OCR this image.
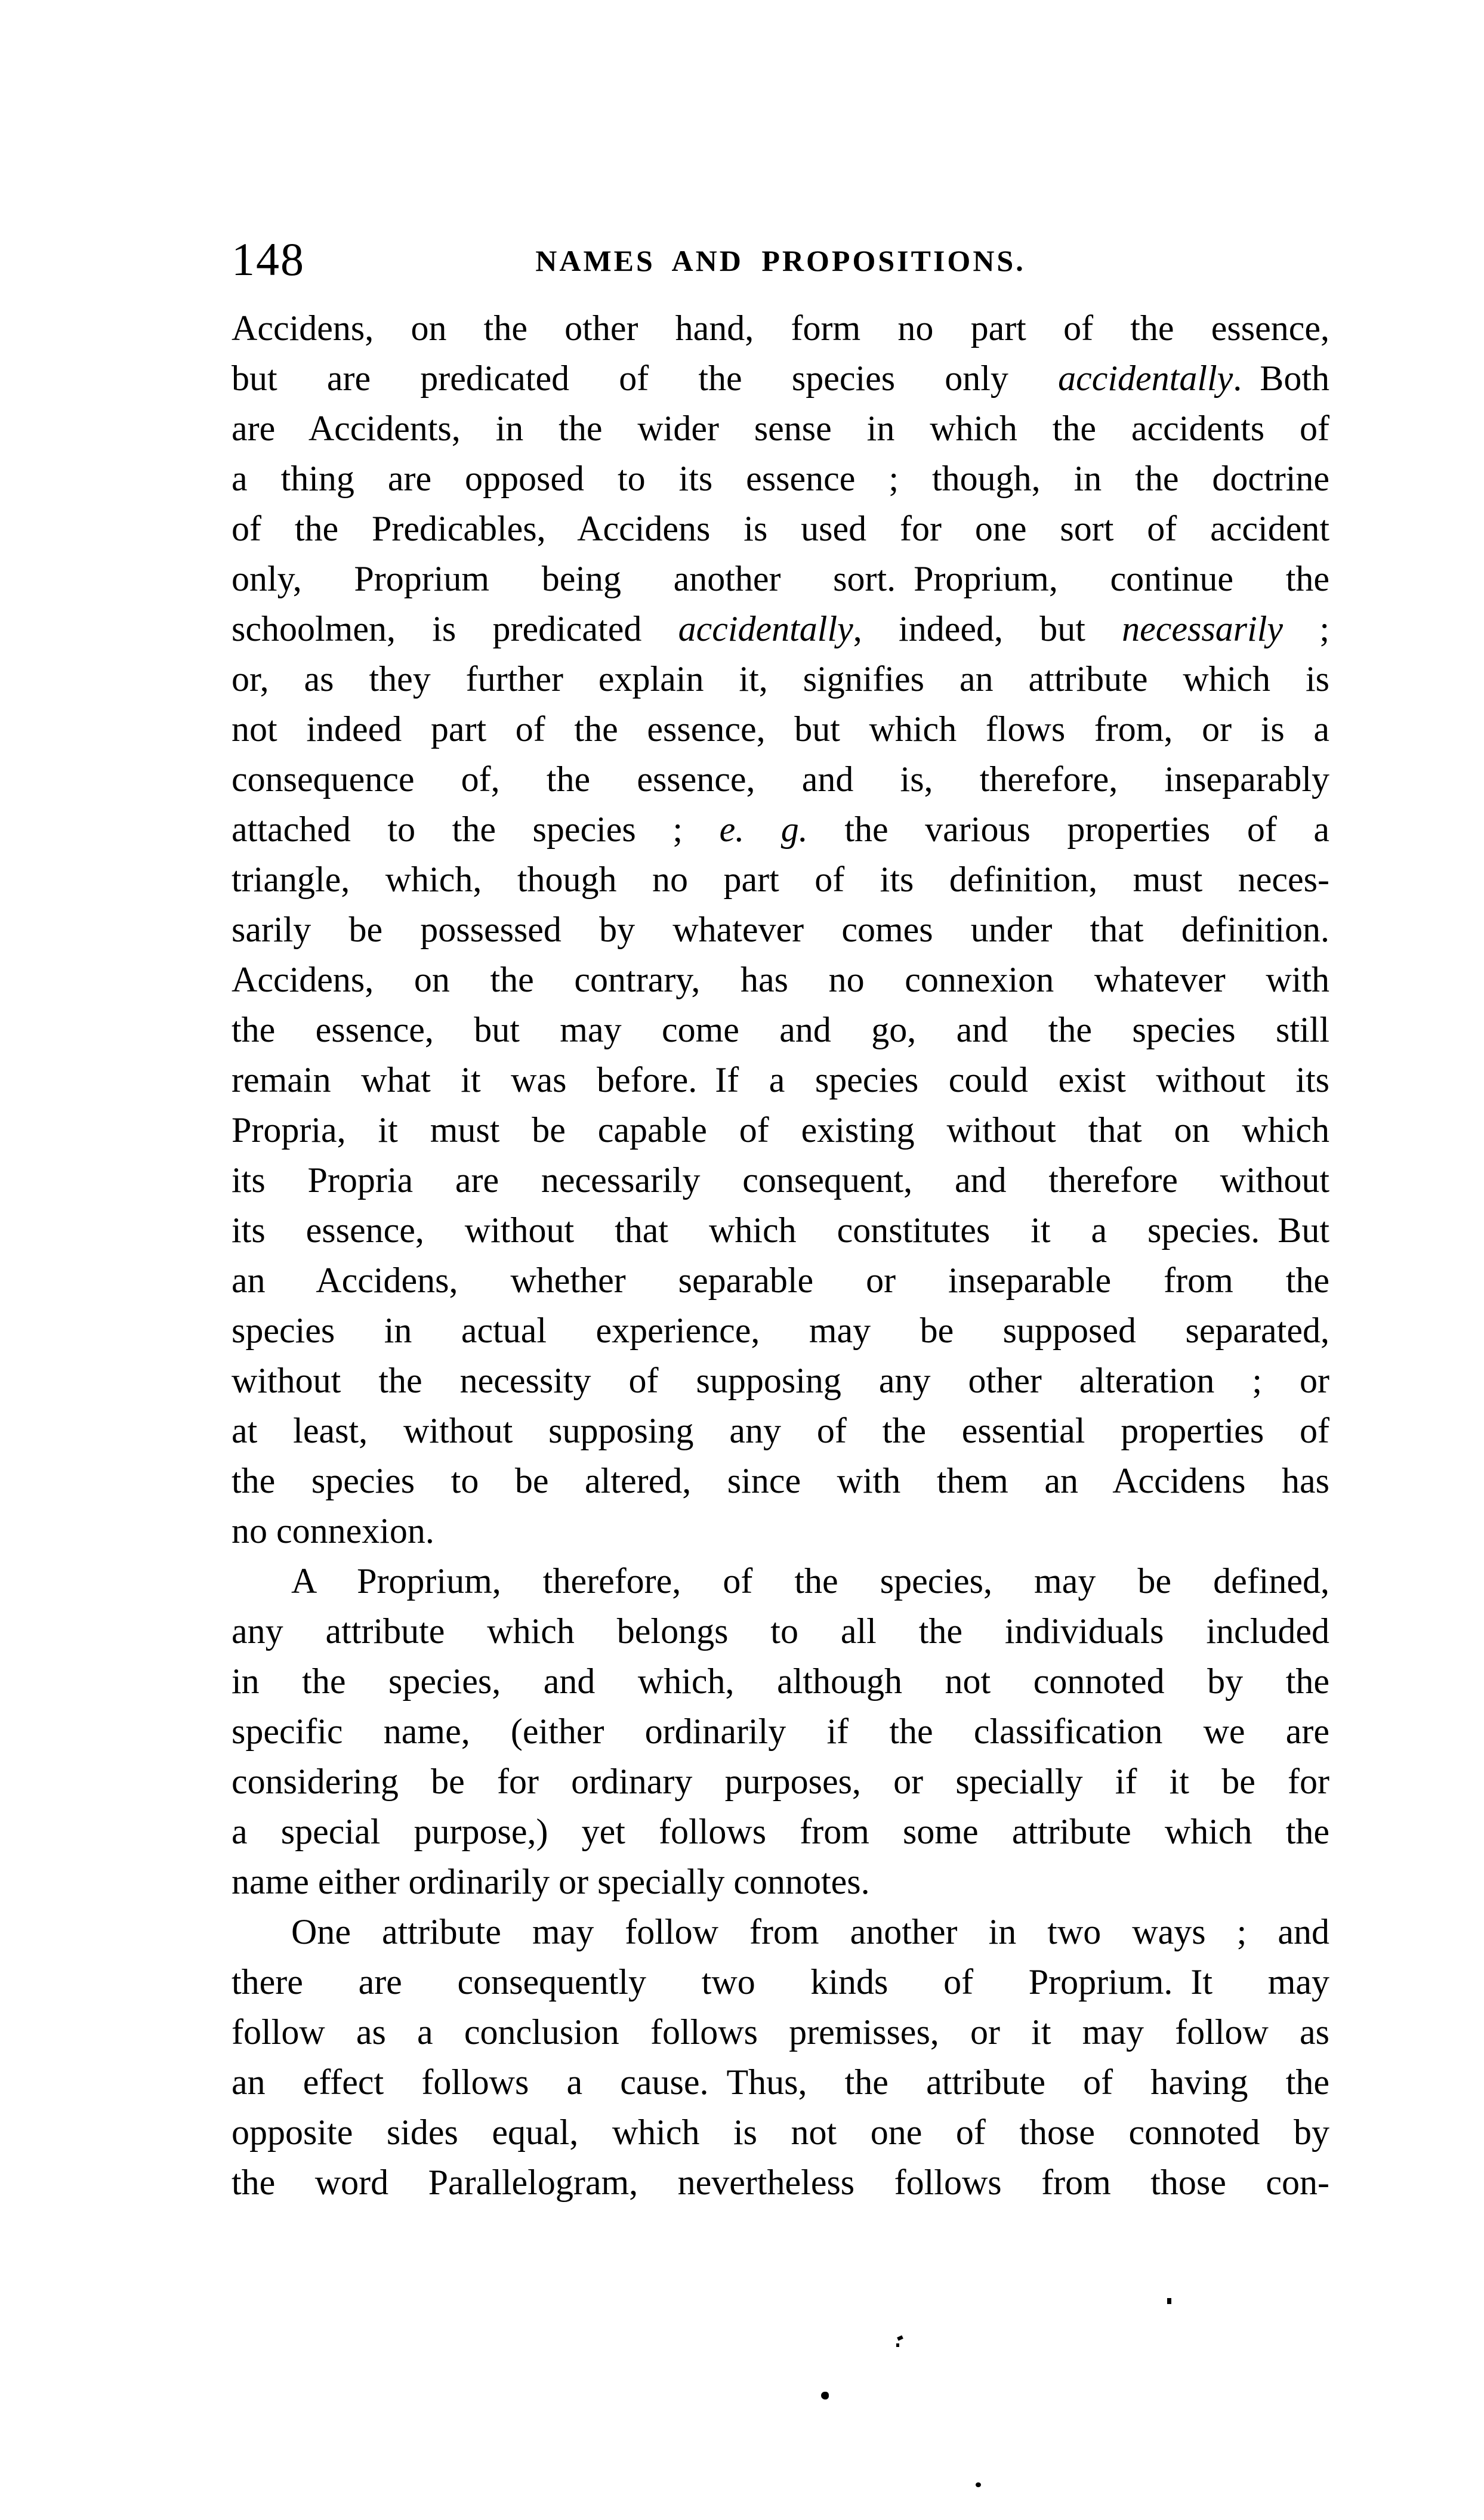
148	NAMES AND PROPOSITIONS.
Accidens, on the other hand, form no part of the essence,
but are predicated of the species only accidentally. Both
are Accidents, in the wider sense in which the accidents of
a thing are opposed to its essence ; though, in the doctrine
of the Predicables, Accidens is used for one sort of accident
only, Proprium being another sort. Proprium, continue the
schoolmen, is predicated accidentally, indeed, but necessarily ;
or, as they further explain it, signifies an attribute which is
not indeed part of the essence, but which flows from, or is a
consequence of, the essence, and is, therefore, inseparably
attached to the species ; e. g. the various properties of a
triangle, which, though no part of its definition, must neces-
sarily be possessed by whatever comes under that definition.
Accidens, on the contrary, has no connexion whatever with
the essence, but may come and go, and the species still
remain what it was before. If a species could exist without its
Propria, it must be capable of existing without that on which
its Propria are necessarily consequent, and therefore without
its essence, without that which constitutes it a species. But
an Accidens, whether separable or inseparable from the
species in actual experience, may be supposed separated,
without the necessity of supposing any other alteration ; or
at least, without supposing any of the essential properties of
the species to be altered, since with them an Accidens has
no connexion.
A Proprium, therefore, of the species, may be defined,
any attribute which belongs to all the individuals included
in the species, and which, although not connoted by the
specific name, (either ordinarily if the classification we are
considering be for ordinary purposes, or specially if it be for
a special purpose,) yet follows from some attribute which the
name either ordinarily or specially connotes.
One attribute may follow from another in two ways ; and
there are consequently two kinds of Proprium. It may
follow as a conclusion follows premisses, or it may follow as
an effect follows a cause. Thus, the attribute of having the
opposite sides equal, which is not one of those connoted by
the word Parallelogram, nevertheless follows from those con-
